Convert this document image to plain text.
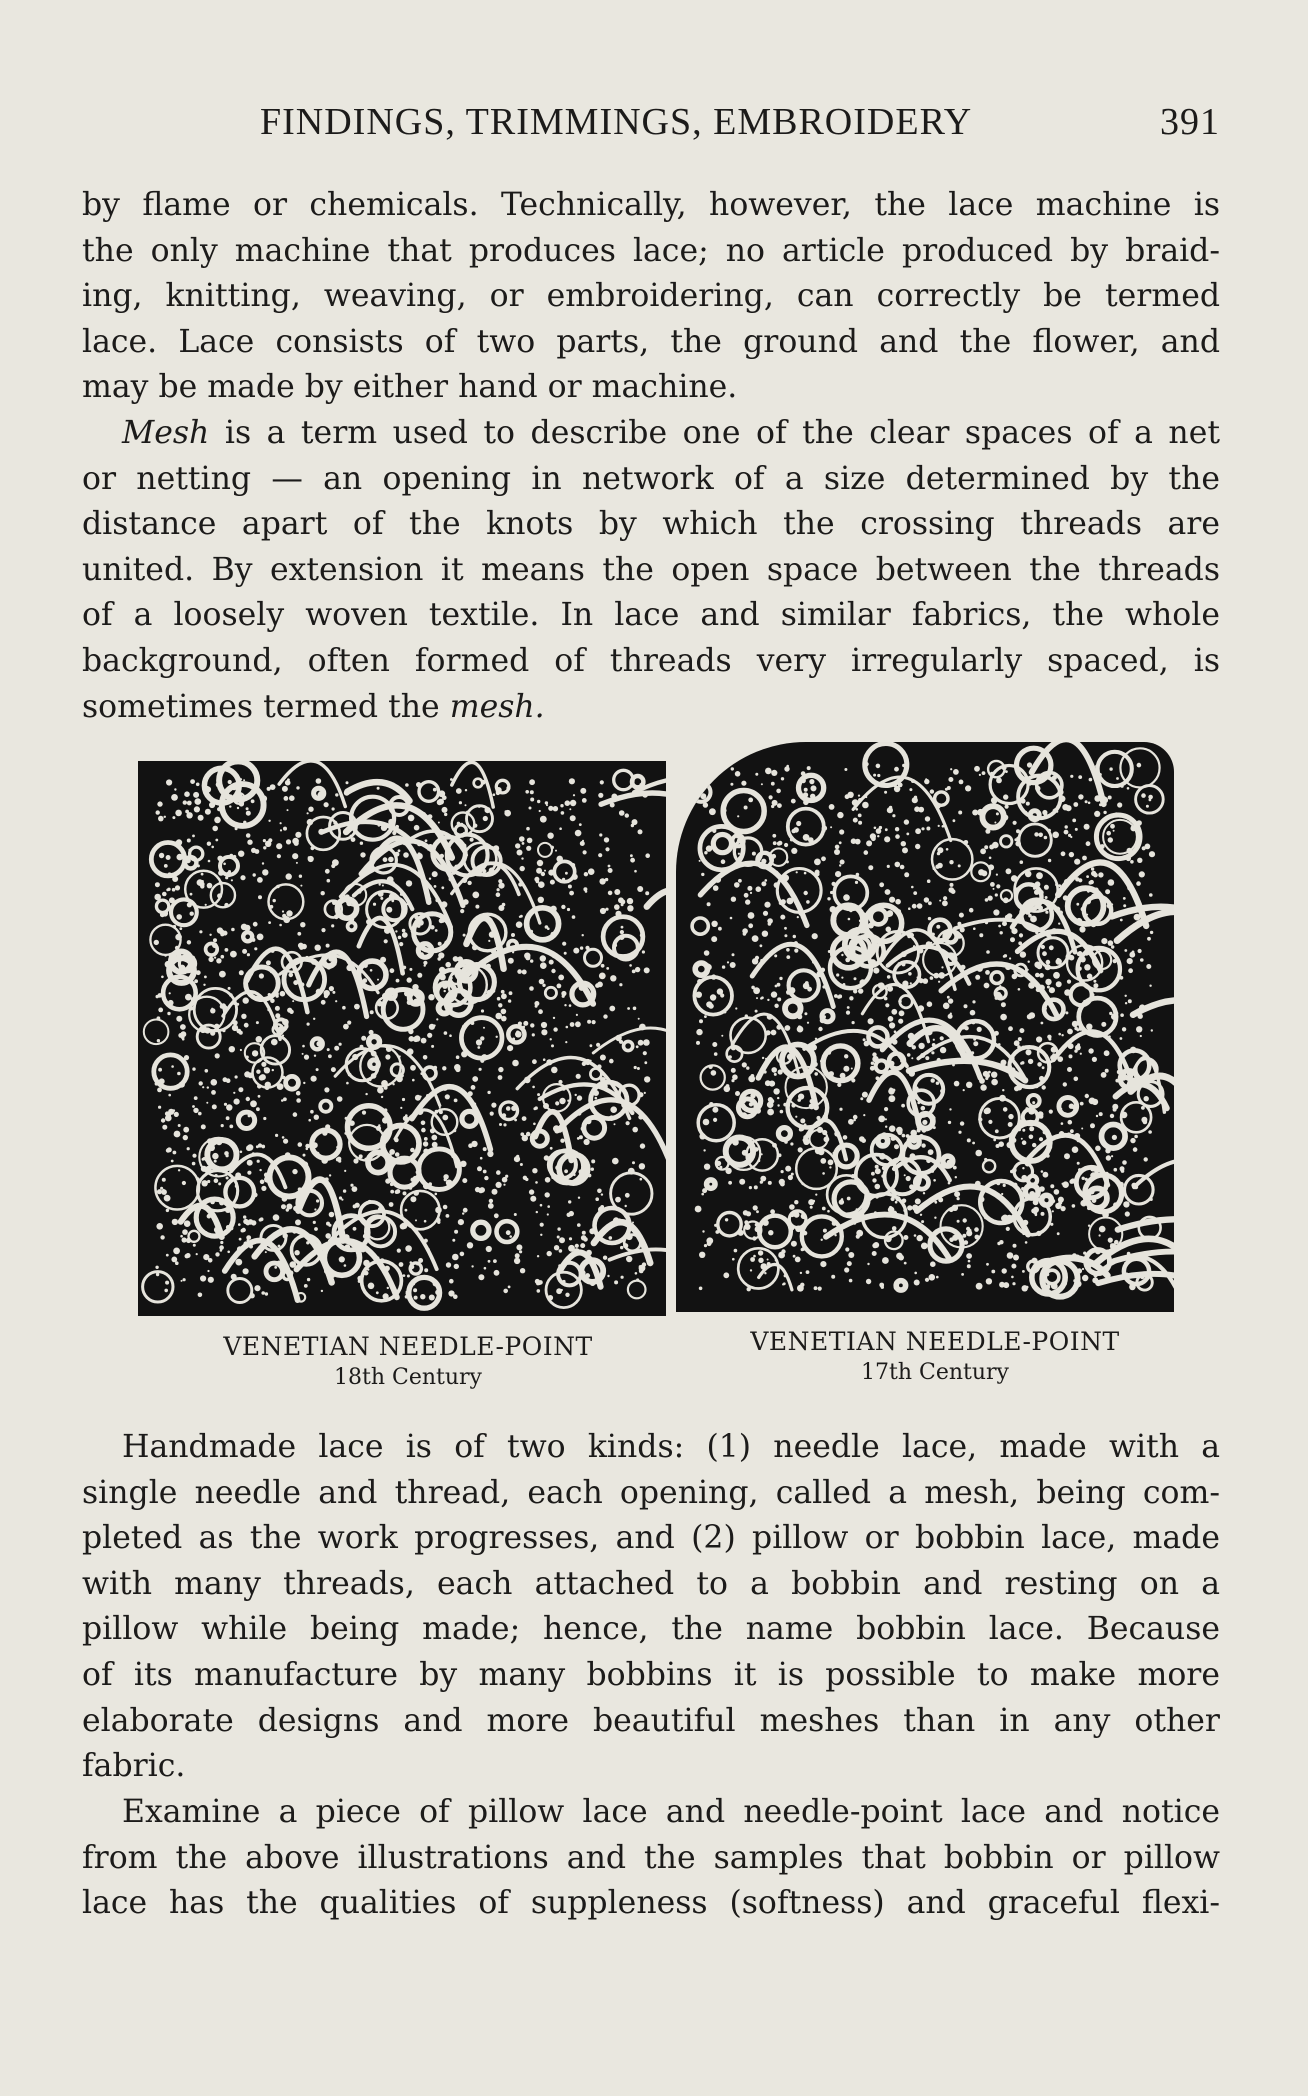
FINDINGS, TRIMMINGS, EMBROIDERY	391
by flame or chemicals. Technically, however, the lace machine is
the only machine that produces lace; no article produced by braid-
ing, knitting, weaving, or embroidering, can correctly be termed
lace. Lace consists of two parts, the ground and the flower, and
may be made by either hand or machine.
Mesh is a term used to describe one of the clear spaces of a net
or netting — an opening in network of a size determined by the
distance apart of the knots by which the crossing threads are
united. By extension it means the open space between the threads
of a loosely woven textile. In lace and similar fabrics, the whole
background, often formed of threads very irregularly spaced, is
sometimes termed the mesh.
VENETIAN NEEDLE-POINT
18th Century
VENETIAN NEEDLE-POINT
17th Century
Handmade lace is of two kinds: (1) needle lace, made with a
single needle and thread, each opening, called a mesh, being com-
pleted as the work progresses, and (2) pillow or bobbin lace, made
with many threads, each attached to a bobbin and resting on a
pillow while being made; hence, the name bobbin lace. Because
of its manufacture by many bobbins it is possible to make more
elaborate designs and more beautiful meshes than in any other
fabric.
Examine a piece of pillow lace and needle-point lace and notice
from the above illustrations and the samples that bobbin or pillow
lace has the qualities of suppleness (softness) and graceful flexi-
